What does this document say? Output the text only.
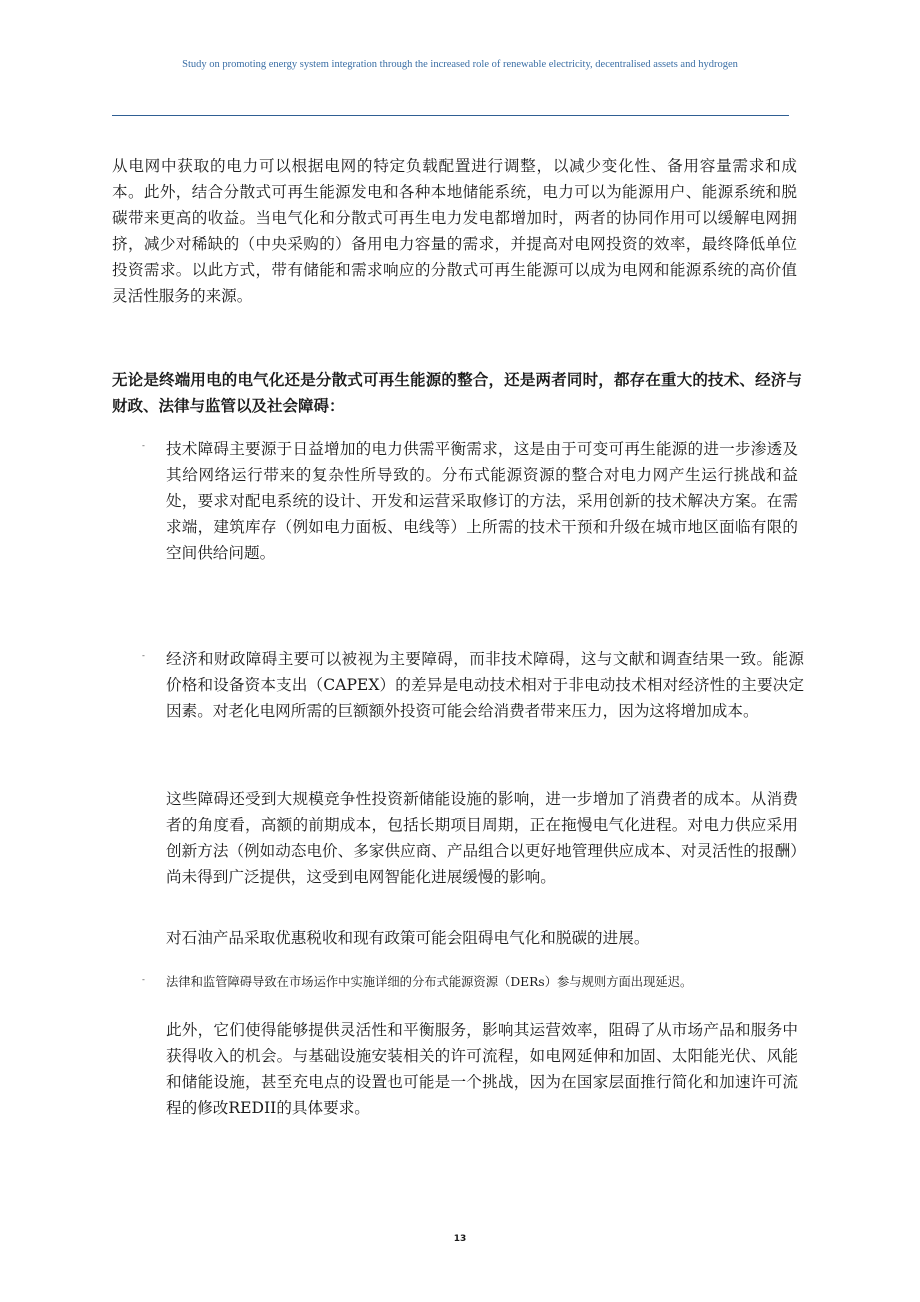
Study on promoting energy system integration through the increased role of renewable electricity, decentralised assets and hydrogen

从电网中获取的电力可以根据电网的特定负载配置进行调整，以减少变化性、备用容量需求和成本。此外，结合分散式可再生能源发电和各种本地储能系统，电力可以为能源用户、能源系统和脱碳带来更高的收益。当电气化和分散式可再生电力发电都增加时，两者的协同作用可以缓解电网拥挤，减少对稀缺的（中央采购的）备用电力容量的需求，并提高对电网投资的效率，最终降低单位投资需求。以此方式，带有储能和需求响应的分散式可再生能源可以成为电网和能源系统的高价值灵活性服务的来源。

无论是终端用电的电气化还是分散式可再生能源的整合，还是两者同时，都存在重大的技术、经济与财政、法律与监管以及社会障碍：

- 技术障碍主要源于日益增加的电力供需平衡需求，这是由于可变可再生能源的进一步渗透及其给网络运行带来的复杂性所导致的。分布式能源资源的整合对电力网产生运行挑战和益处，要求对配电系统的设计、开发和运营采取修订的方法，采用创新的技术解决方案。在需求端，建筑库存（例如电力面板、电线等）上所需的技术干预和升级在城市地区面临有限的空间供给问题。

- 经济和财政障碍主要可以被视为主要障碍，而非技术障碍，这与文献和调查结果一致。能源价格和设备资本支出（CAPEX）的差异是电动技术相对于非电动技术相对经济性的主要决定因素。对老化电网所需的巨额额外投资可能会给消费者带来压力，因为这将增加成本。

这些障碍还受到大规模竞争性投资新储能设施的影响，进一步增加了消费者的成本。从消费者的角度看，高额的前期成本，包括长期项目周期，正在拖慢电气化进程。对电力供应采用创新方法（例如动态电价、多家供应商、产品组合以更好地管理供应成本、对灵活性的报酬）尚未得到广泛提供，这受到电网智能化进展缓慢的影响。

对石油产品采取优惠税收和现有政策可能会阻碍电气化和脱碳的进展。

- 法律和监管障碍导致在市场运作中实施详细的分布式能源资源（DERs）参与规则方面出现延迟。

此外，它们使得能够提供灵活性和平衡服务，影响其运营效率，阻碍了从市场产品和服务中获得收入的机会。与基础设施安装相关的许可流程，如电网延伸和加固、太阳能光伏、风能和储能设施，甚至充电点的设置也可能是一个挑战，因为在国家层面推行简化和加速许可流程的修改REDII的具体要求。

13
